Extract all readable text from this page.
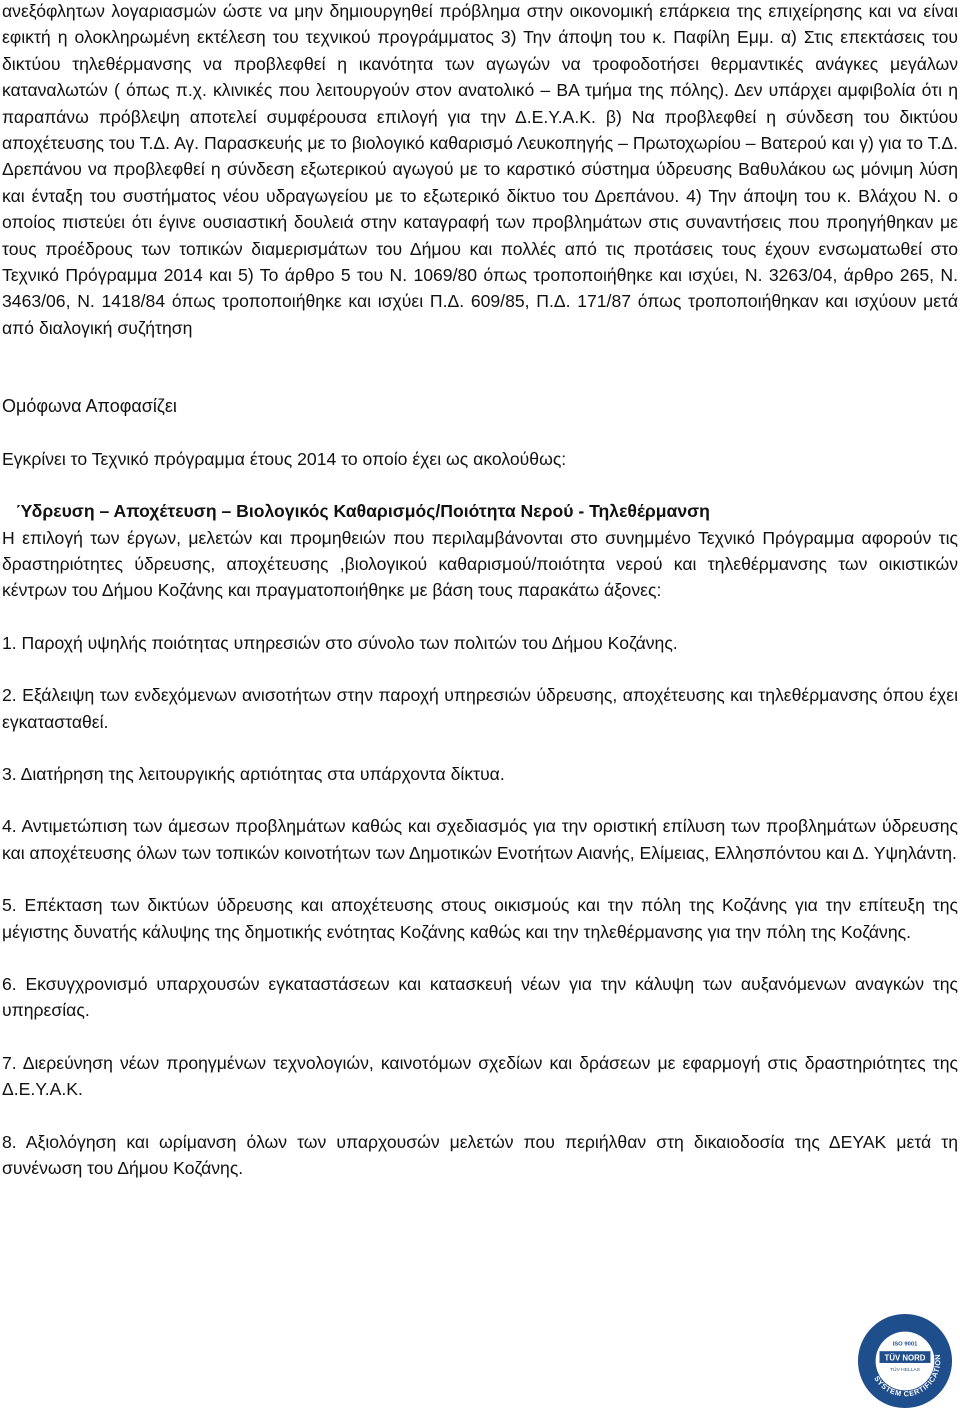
ανεξόφλητων λογαριασμών ώστε να μην δημιουργηθεί πρόβλημα στην οικονομική επάρκεια της επιχείρησης και να είναι εφικτή η ολοκληρωμένη εκτέλεση του τεχνικού προγράμματος 3) Την άποψη του κ. Παφίλη Εμμ. α) Στις επεκτάσεις του δικτύου τηλεθέρμανσης να προβλεφθεί η ικανότητα των αγωγών να τροφοδοτήσει θερμαντικές ανάγκες μεγάλων καταναλωτών ( όπως π.χ. κλινικές που λειτουργούν στον ανατολικό – ΒΑ τμήμα της πόλης). Δεν υπάρχει αμφιβολία ότι η παραπάνω πρόβλεψη αποτελεί συμφέρουσα επιλογή για την Δ.Ε.Υ.Α.Κ. β) Να προβλεφθεί η σύνδεση του δικτύου αποχέτευσης του Τ.Δ. Αγ. Παρασκευής με το βιολογικό καθαρισμό Λευκοπηγής – Πρωτοχωρίου – Βατερού και γ) για το Τ.Δ. Δρεπάνου να προβλεφθεί η σύνδεση εξωτερικού αγωγού με το καρστικό σύστημα ύδρευσης Βαθυλάκου ως μόνιμη λύση και ένταξη του συστήματος νέου υδραγωγείου με το εξωτερικό δίκτυο του Δρεπάνου. 4) Την άποψη του κ. Βλάχου Ν. ο οποίος πιστεύει ότι έγινε ουσιαστική δουλειά στην καταγραφή των προβλημάτων στις συναντήσεις που προηγήθηκαν με τους προέδρους των τοπικών διαμερισμάτων του Δήμου και πολλές από τις προτάσεις τους έχουν ενσωματωθεί στο Τεχνικό Πρόγραμμα 2014 και 5) Το άρθρο 5 του Ν. 1069/80 όπως τροποποιήθηκε και ισχύει, Ν. 3263/04, άρθρο 265, Ν. 3463/06, Ν. 1418/84 όπως τροποποιήθηκε και ισχύει Π.Δ. 609/85, Π.Δ. 171/87 όπως τροποποιήθηκαν και ισχύουν μετά από διαλογική συζήτηση

Ομόφωνα Αποφασίζει

Εγκρίνει το Τεχνικό πρόγραμμα έτους 2014 το οποίο έχει ως ακολούθως:

Ύδρευση – Αποχέτευση – Βιολογικός Καθαρισμός/Ποιότητα Νερού - Τηλεθέρμανση

Η επιλογή των έργων, μελετών και προμηθειών που περιλαμβάνονται στο συνημμένο Τεχνικό Πρόγραμμα αφορούν τις δραστηριότητες ύδρευσης, αποχέτευσης ,βιολογικού καθαρισμού/ποιότητα νερού και τηλεθέρμανσης των οικιστικών κέντρων του Δήμου Κοζάνης και πραγματοποιήθηκε με βάση τους παρακάτω άξονες:

1. Παροχή υψηλής ποιότητας υπηρεσιών στο σύνολο των πολιτών του Δήμου Κοζάνης.

2. Εξάλειψη των ενδεχόμενων ανισοτήτων στην παροχή υπηρεσιών ύδρευσης, αποχέτευσης και τηλεθέρμανσης όπου έχει εγκατασταθεί.

3. Διατήρηση της λειτουργικής αρτιότητας στα υπάρχοντα δίκτυα.

4. Αντιμετώπιση των άμεσων προβλημάτων καθώς και σχεδιασμός για την οριστική επίλυση των προβλημάτων ύδρευσης και αποχέτευσης όλων των τοπικών κοινοτήτων των Δημοτικών Ενοτήτων Αιανής, Ελίμειας, Ελλησπόντου και Δ. Υψηλάντη.

5. Επέκταση των δικτύων ύδρευσης και αποχέτευσης στους οικισμούς και την πόλη της Κοζάνης για την επίτευξη της μέγιστης δυνατής κάλυψης της δημοτικής ενότητας Κοζάνης καθώς και την τηλεθέρμανσης για την πόλη της Κοζάνης.

6. Εκσυγχρονισμό υπαρχουσών εγκαταστάσεων και κατασκευή νέων για την κάλυψη των αυξανόμενων αναγκών της υπηρεσίας.

7. Διερεύνηση νέων προηγμένων τεχνολογιών, καινοτόμων σχεδίων και δράσεων με εφαρμογή στις δραστηριότητες της Δ.Ε.Υ.Α.Κ.

8. Αξιολόγηση και ωρίμανση όλων των υπαρχουσών μελετών που περιήλθαν στη δικαιοδοσία της ΔΕΥΑΚ μετά τη συνένωση του Δήμου Κοζάνης.

TÜV NORD
TÜV HELLAS
ISO 9001
SYSTEM CERTIFICATION
